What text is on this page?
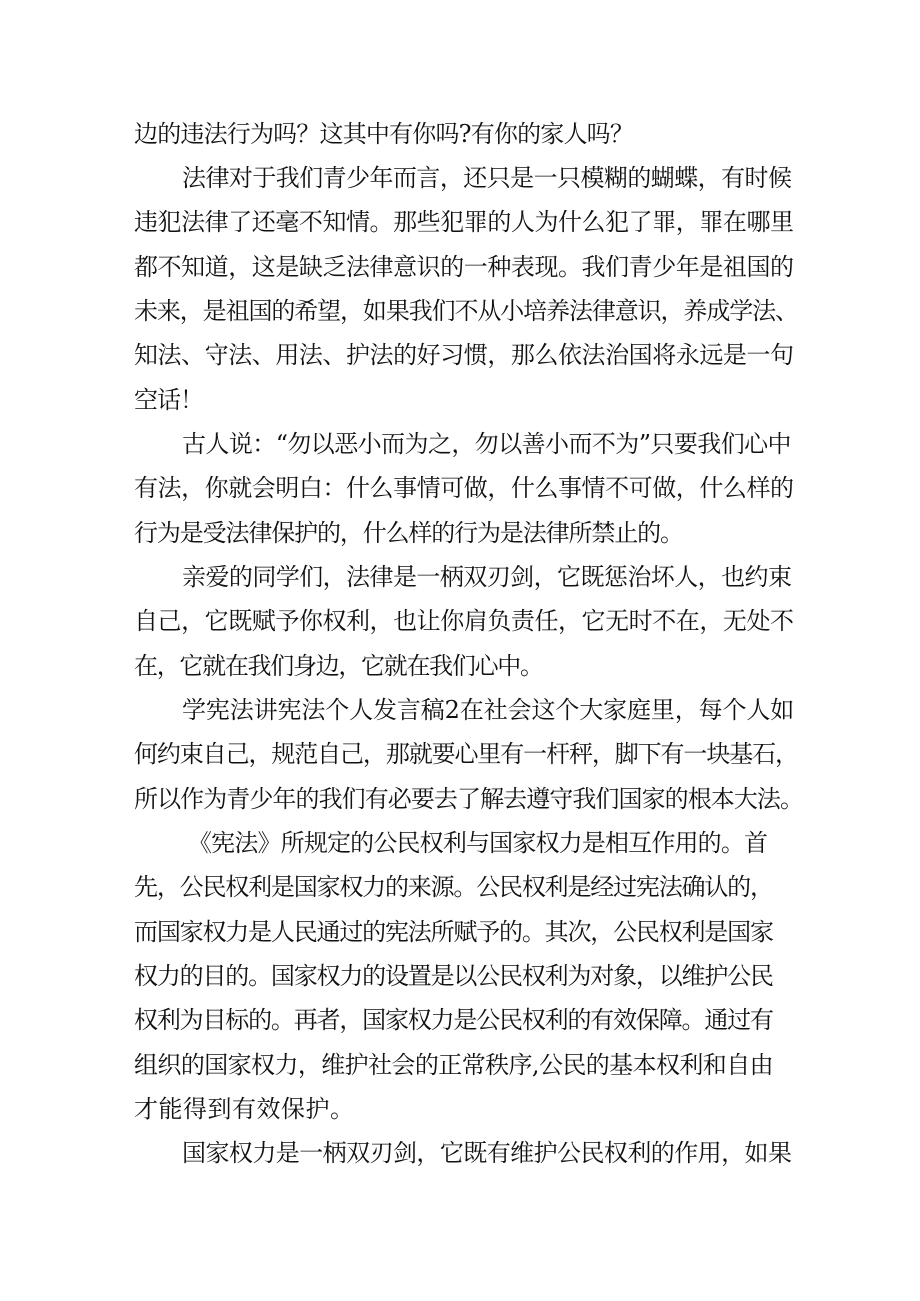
边的违法行为吗？这其中有你吗?有你的家人吗？
法律对于我们青少年而言，还只是一只模糊的蝴蝶，有时候
违犯法律了还毫不知情。那些犯罪的人为什么犯了罪，罪在哪里
都不知道，这是缺乏法律意识的一种表现。我们青少年是祖国的
未来，是祖国的希望，如果我们不从小培养法律意识，养成学法、
知法、守法、用法、护法的好习惯，那么依法治国将永远是一句
空话！
古人说：“勿以恶小而为之，勿以善小而不为”只要我们心中
有法，你就会明白：什么事情可做，什么事情不可做，什么样的
行为是受法律保护的，什么样的行为是法律所禁止的。
亲爱的同学们，法律是一柄双刃剑，它既惩治坏人，也约束
自己，它既赋予你权利，也让你肩负责任，它无时不在，无处不
在，它就在我们身边，它就在我们心中。
学宪法讲宪法个人发言稿2在社会这个大家庭里，每个人如
何约束自己，规范自己，那就要心里有一杆秤，脚下有一块基石，
所以作为青少年的我们有必要去了解去遵守我们国家的根本大法。
《宪法》所规定的公民权利与国家权力是相互作用的。首
先，公民权利是国家权力的来源。公民权利是经过宪法确认的，
而国家权力是人民通过的宪法所赋予的。其次，公民权利是国家
权力的目的。国家权力的设置是以公民权利为对象，以维护公民
权利为目标的。再者，国家权力是公民权利的有效保障。通过有
组织的国家权力，维护社会的正常秩序,公民的基本权利和自由
才能得到有效保护。
国家权力是一柄双刃剑，它既有维护公民权利的作用，如果
